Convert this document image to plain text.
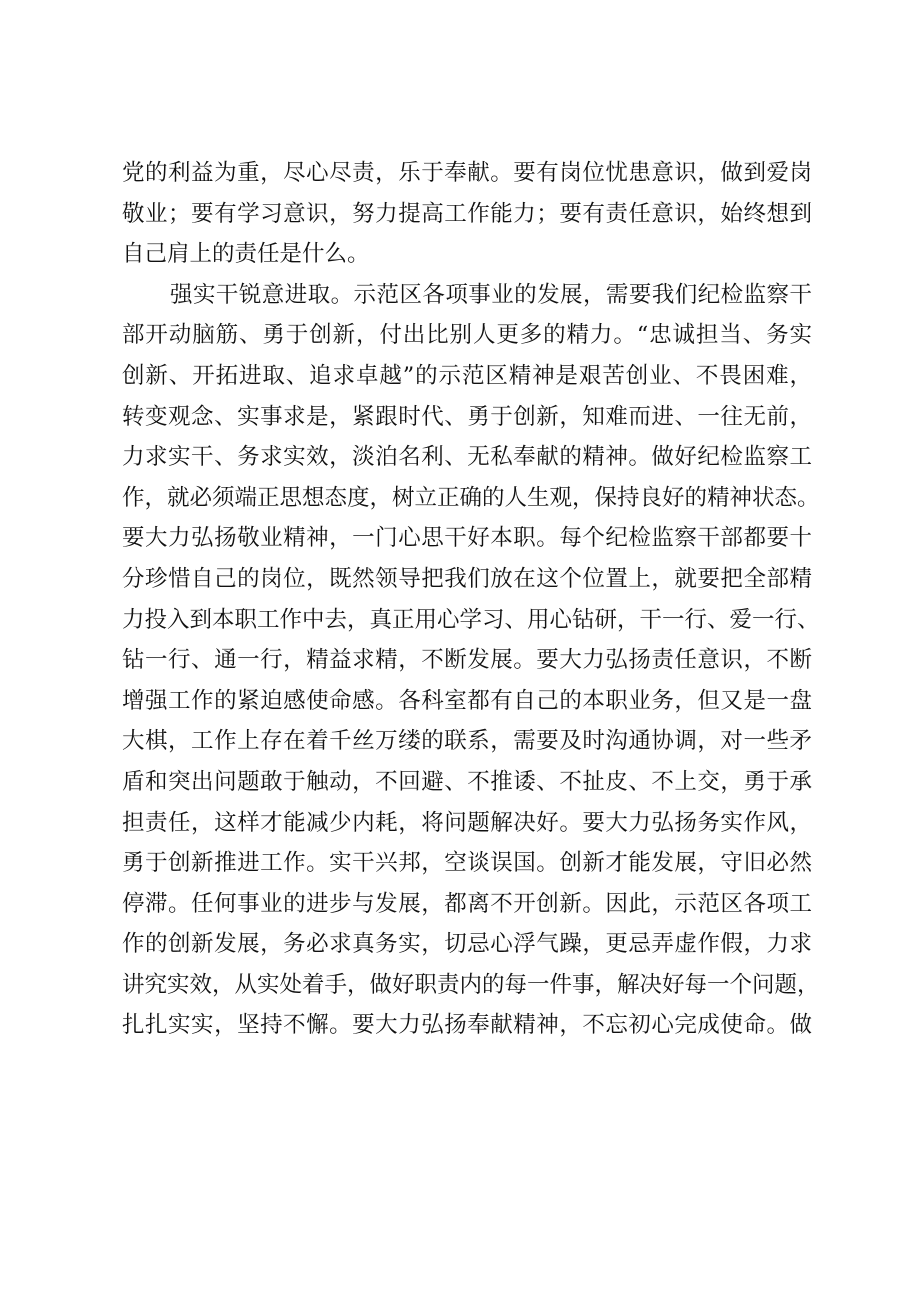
党的利益为重，尽心尽责，乐于奉献。要有岗位忧患意识，做到爱岗
敬业；要有学习意识，努力提高工作能力；要有责任意识，始终想到
自己肩上的责任是什么。
强实干锐意进取。示范区各项事业的发展，需要我们纪检监察干
部开动脑筋、勇于创新，付出比别人更多的精力。“忠诚担当、务实
创新、开拓进取、追求卓越”的示范区精神是艰苦创业、不畏困难，
转变观念、实事求是，紧跟时代、勇于创新，知难而进、一往无前，
力求实干、务求实效，淡泊名利、无私奉献的精神。做好纪检监察工
作，就必须端正思想态度，树立正确的人生观，保持良好的精神状态。
要大力弘扬敬业精神，一门心思干好本职。每个纪检监察干部都要十
分珍惜自己的岗位，既然领导把我们放在这个位置上，就要把全部精
力投入到本职工作中去，真正用心学习、用心钻研，干一行、爱一行、
钻一行、通一行，精益求精，不断发展。要大力弘扬责任意识，不断
增强工作的紧迫感使命感。各科室都有自己的本职业务，但又是一盘
大棋，工作上存在着千丝万缕的联系，需要及时沟通协调，对一些矛
盾和突出问题敢于触动，不回避、不推诿、不扯皮、不上交，勇于承
担责任，这样才能减少内耗，将问题解决好。要大力弘扬务实作风，
勇于创新推进工作。实干兴邦，空谈误国。创新才能发展，守旧必然
停滞。任何事业的进步与发展，都离不开创新。因此，示范区各项工
作的创新发展，务必求真务实，切忌心浮气躁，更忌弄虚作假，力求
讲究实效，从实处着手，做好职责内的每一件事，解决好每一个问题，
扎扎实实，坚持不懈。要大力弘扬奉献精神，不忘初心完成使命。做
